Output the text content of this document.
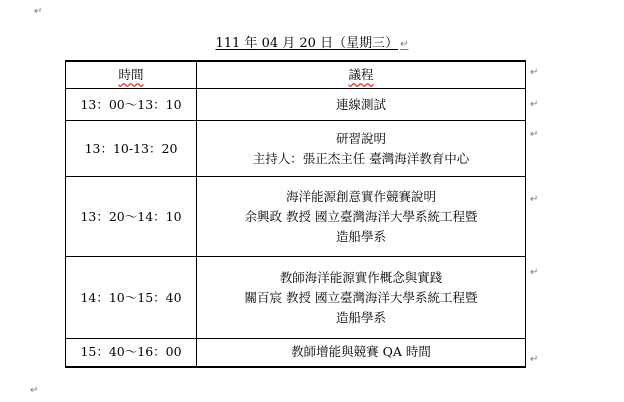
↵
111 年 04 月 20 日（星期三） ↵
時間	議程
13：00～13：10	連線測試

13：10-13：20	研習說明
主持人：張正杰主任 臺灣海洋教育中心

13：20～14：10	海洋能源創意實作競賽說明
余興政 教授 國立臺灣海洋大學系統工程暨
造船學系

14：10～15：40	教師海洋能源實作概念與實踐
關百宸 教授 國立臺灣海洋大學系統工程暨
造船學系

15：40～16：00	教師增能與競賽 QA 時間
↵
↵
↵
↵
↵
↵
↵
